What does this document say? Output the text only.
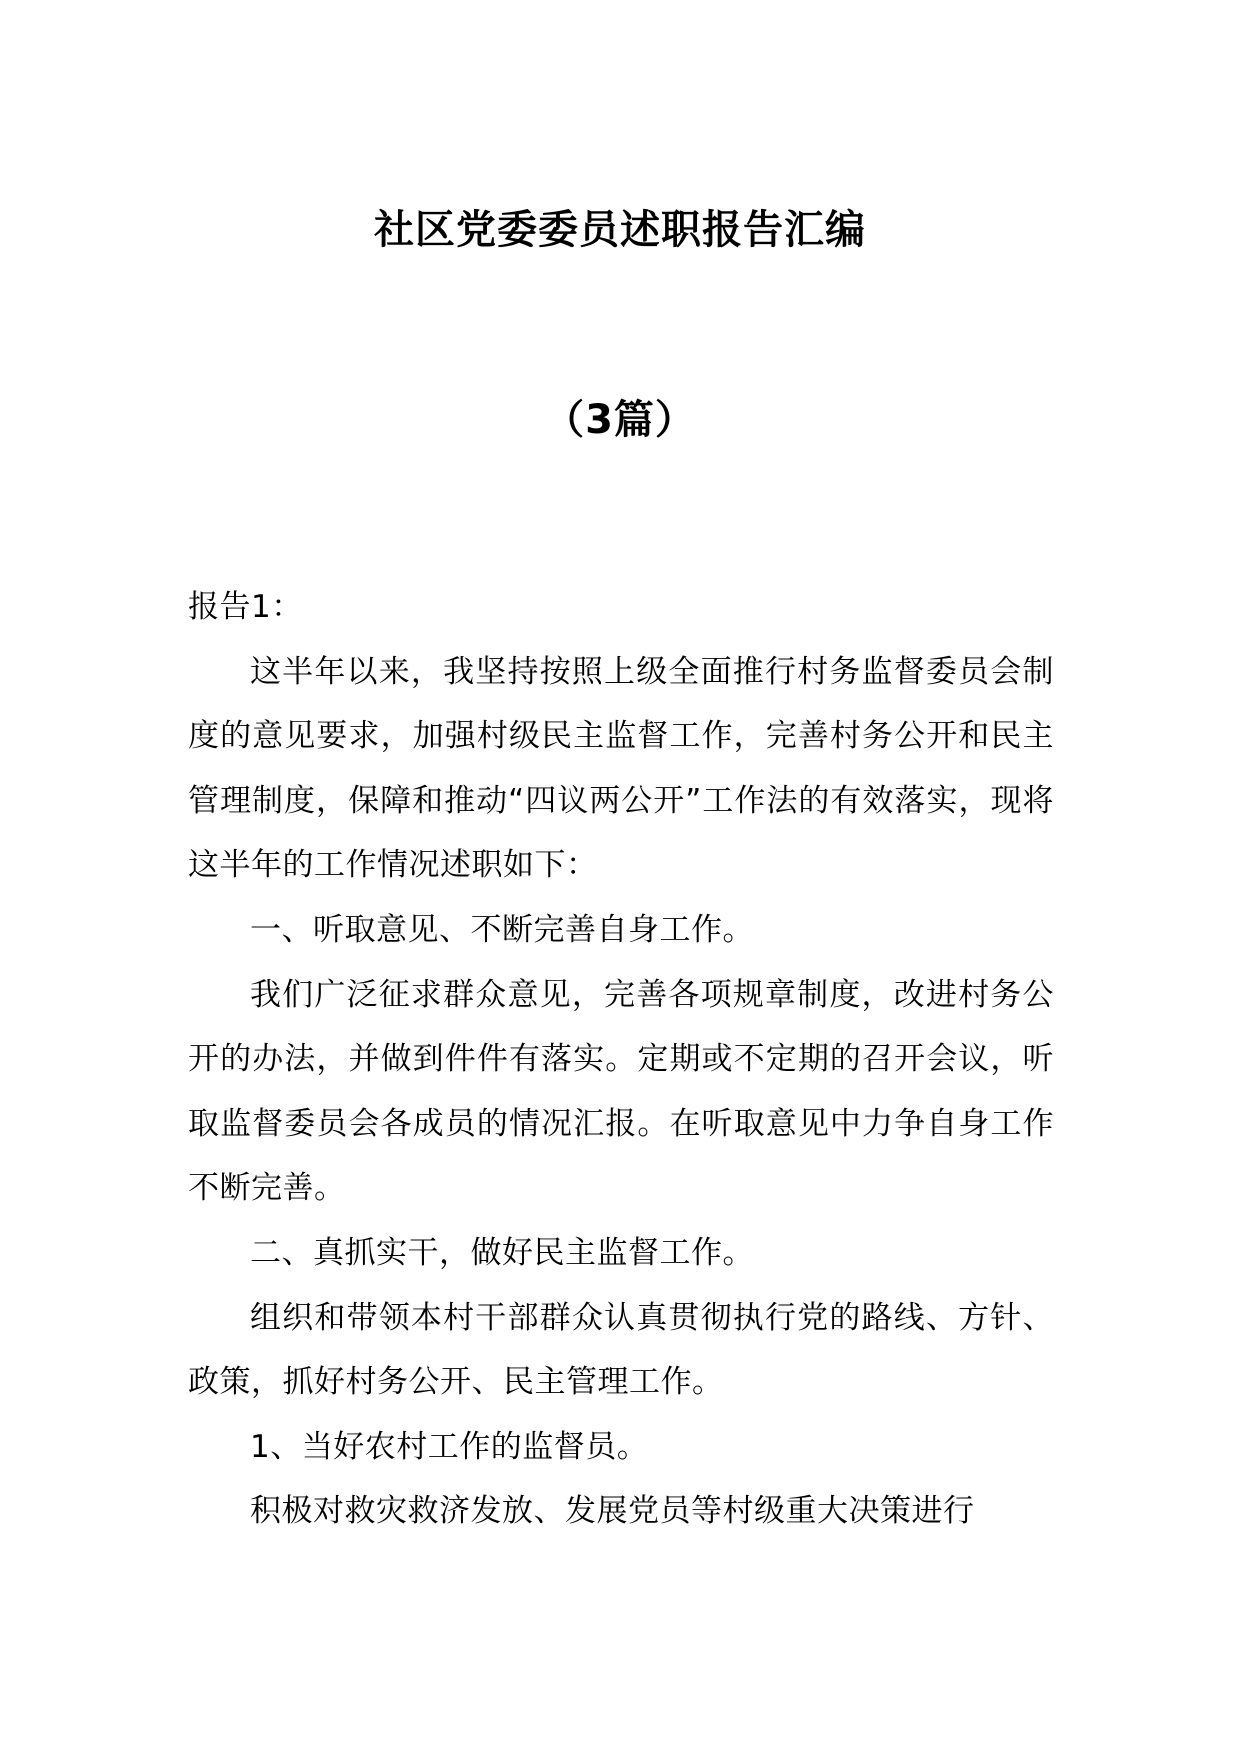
社区党委委员述职报告汇编
（3篇）

报告1：

这半年以来，我坚持按照上级全面推行村务监督委员会制度的意见要求，加强村级民主监督工作，完善村务公开和民主管理制度，保障和推动“四议两公开”工作法的有效落实，现将这半年的工作情况述职如下：

一、听取意见、不断完善自身工作。

我们广泛征求群众意见，完善各项规章制度，改进村务公开的办法，并做到件件有落实。定期或不定期的召开会议，听取监督委员会各成员的情况汇报。在听取意见中力争自身工作不断完善。

二、真抓实干，做好民主监督工作。

组织和带领本村干部群众认真贯彻执行党的路线、方针、政策，抓好村务公开、民主管理工作。

1、当好农村工作的监督员。

积极对救灾救济发放、发展党员等村级重大决策进行
